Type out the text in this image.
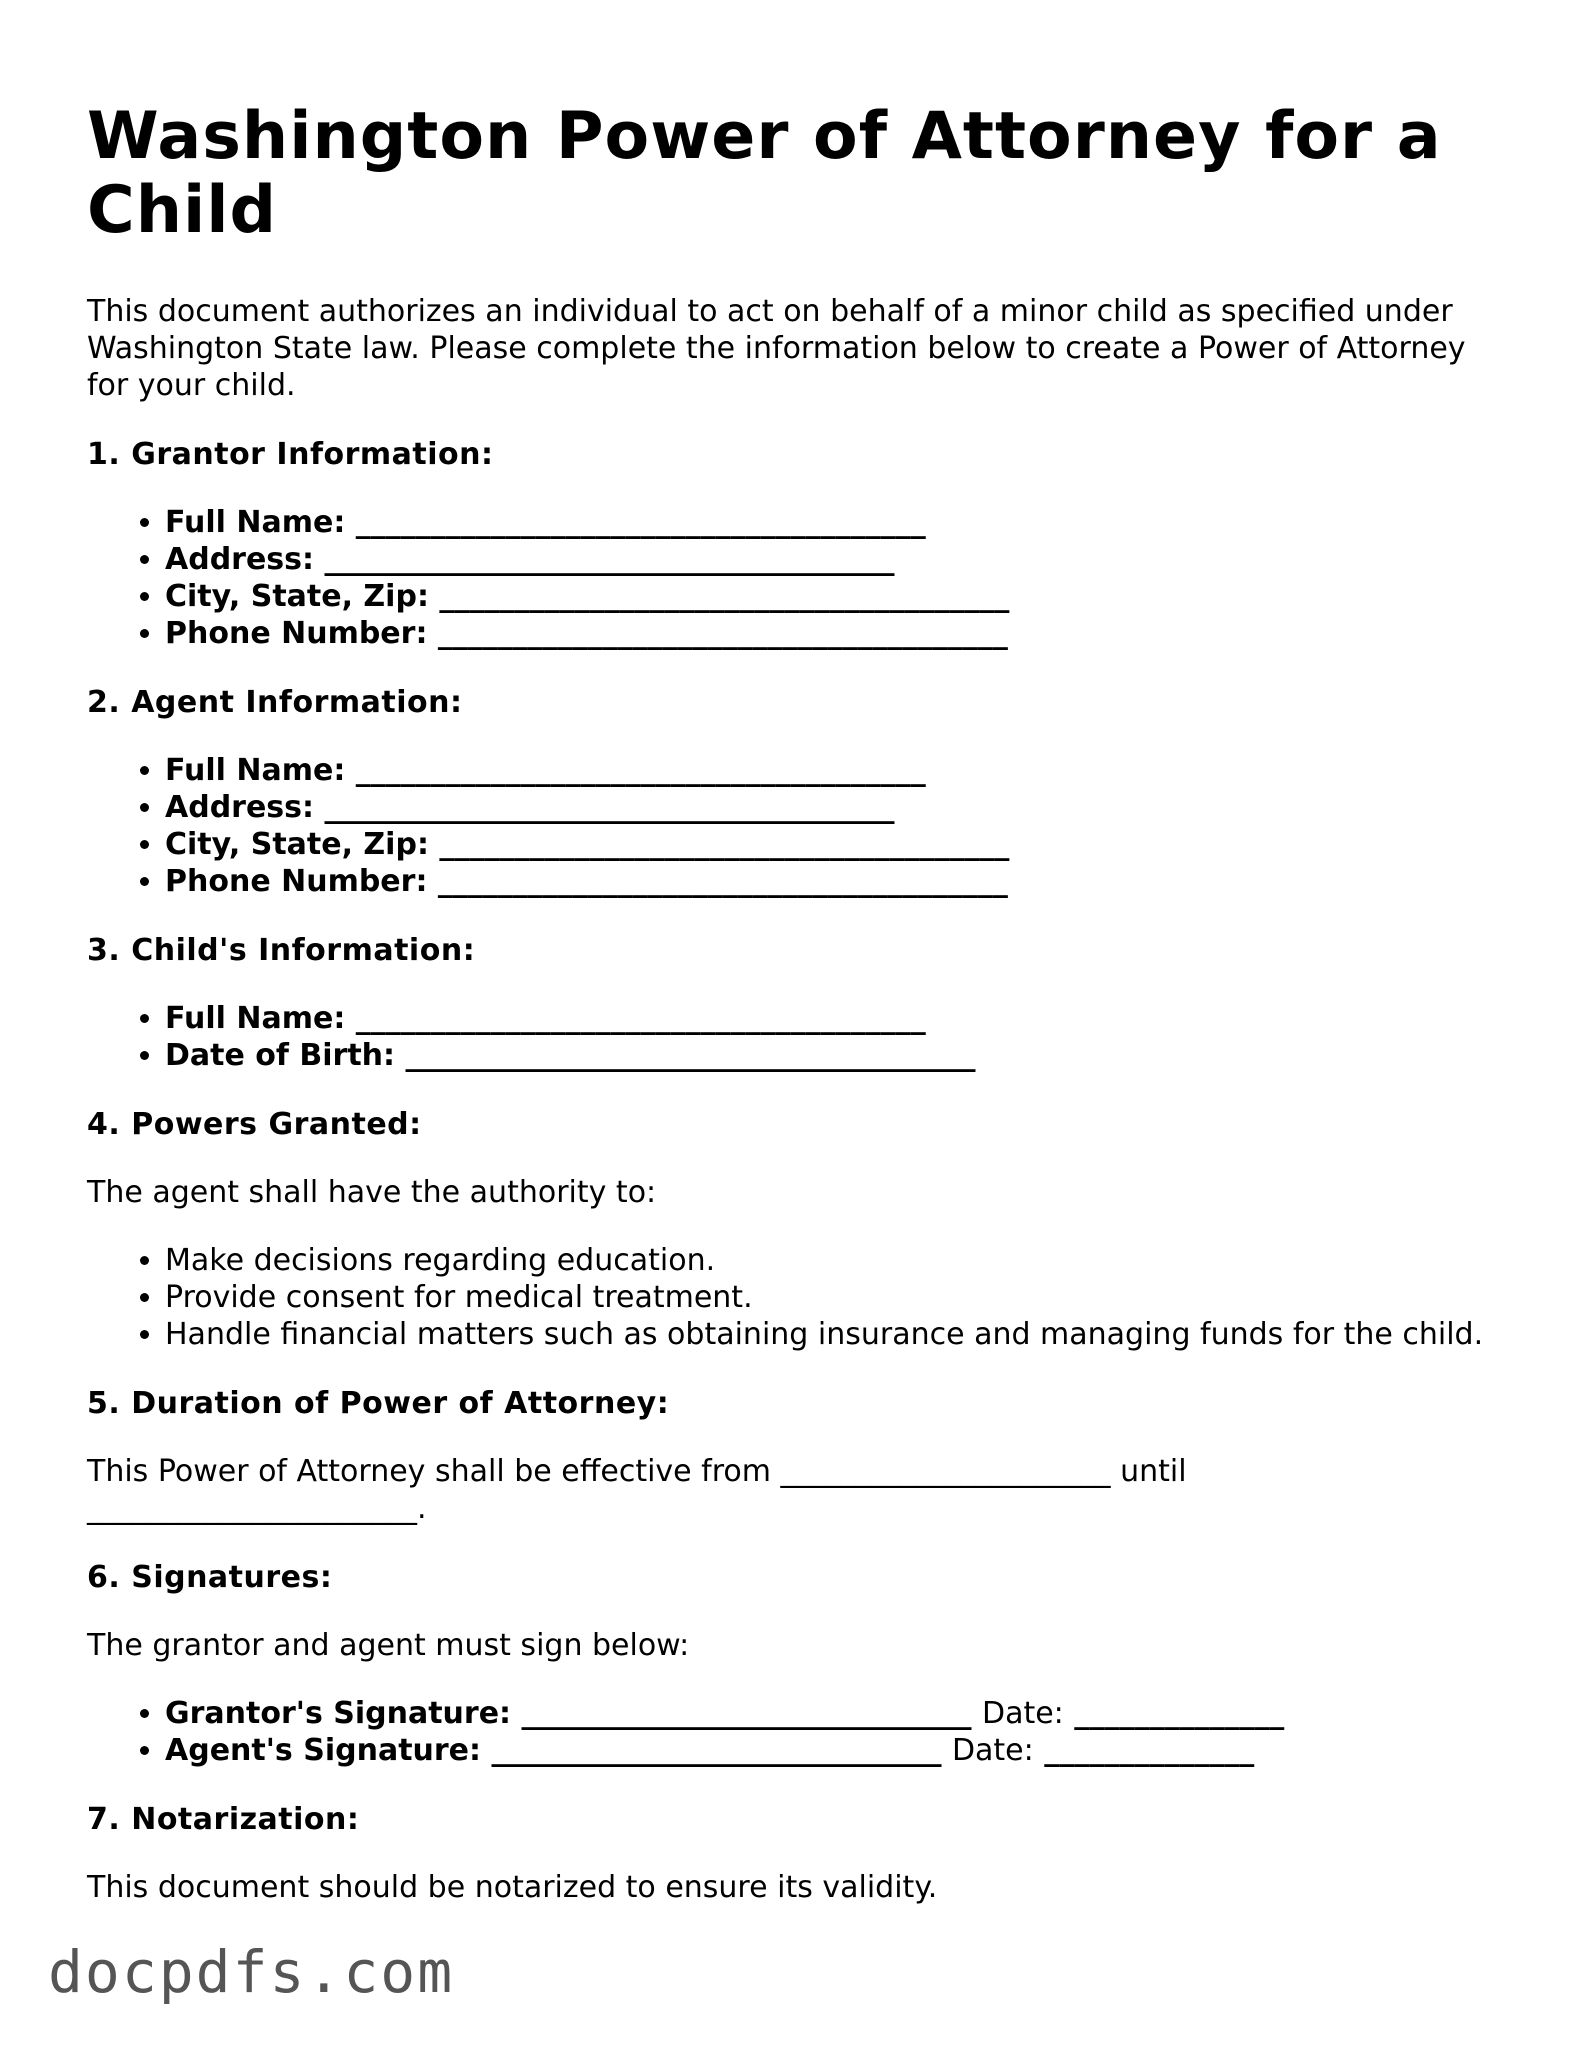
Washington Power of Attorney for a Child

This document authorizes an individual to act on behalf of a minor child as specified under Washington State law. Please complete the information below to create a Power of Attorney for your child.

1. Grantor Information:
• Full Name: ______________________________________
• Address: ______________________________________
• City, State, Zip: ______________________________________
• Phone Number: ______________________________________
2. Agent Information:
• Full Name: ______________________________________
• Address: ______________________________________
• City, State, Zip: ______________________________________
• Phone Number: ______________________________________
3. Child's Information:
• Full Name: ______________________________________
• Date of Birth: ______________________________________
4. Powers Granted:

The agent shall have the authority to:

• Make decisions regarding education.
• Provide consent for medical treatment.
• Handle financial matters such as obtaining insurance and managing funds for the child.
5. Duration of Power of Attorney:

This Power of Attorney shall be effective from ______________________ until ______________________.

6. Signatures:

The grantor and agent must sign below:

• Grantor's Signature: ______________________________ Date: ______________
• Agent's Signature: ______________________________ Date: ______________
7. Notarization:

This document should be notarized to ensure its validity.

docpdfs.com
